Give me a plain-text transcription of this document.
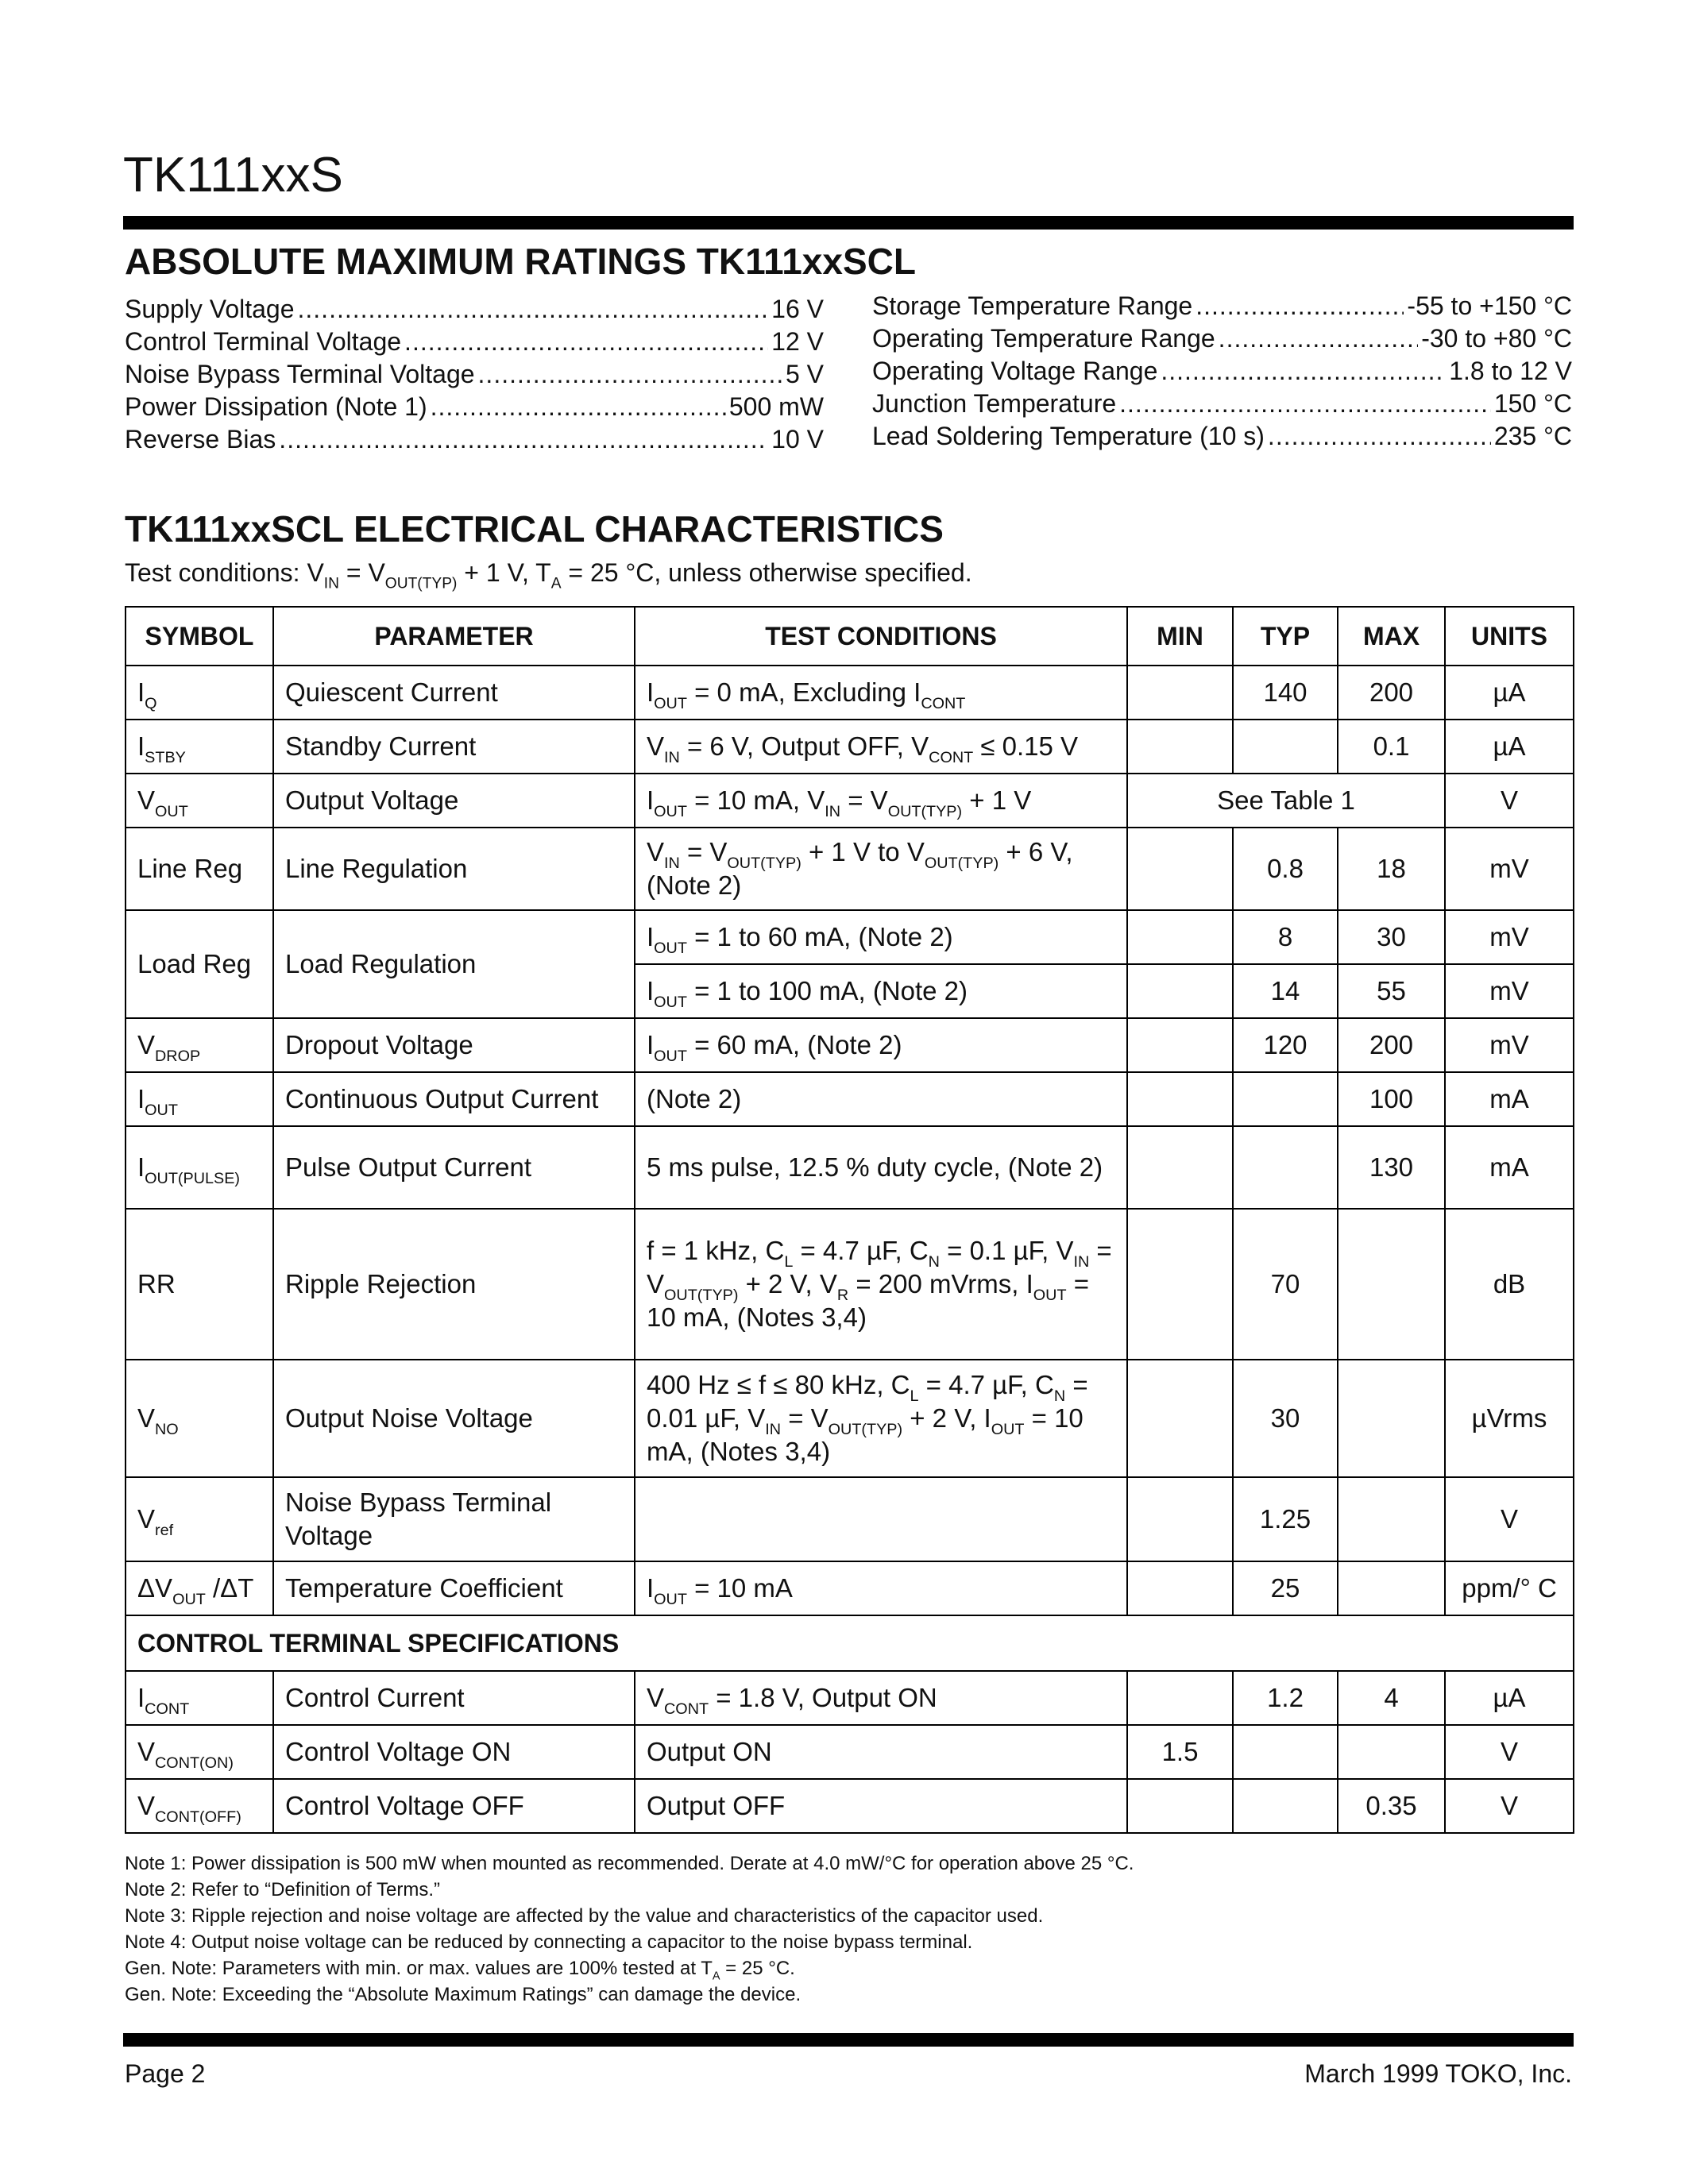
TK111xxS
ABSOLUTE MAXIMUM RATINGS TK111xxSCL
Supply Voltage .....	16 V
Control Terminal Voltage .....	12 V
Noise Bypass Terminal Voltage .....	5 V
Power Dissipation (Note 1) .....	500 mW
Reverse Bias .....	10 V
Storage Temperature Range .....	-55 to +150 °C
Operating Temperature Range .....	-30 to +80 °C
Operating Voltage Range .....	1.8 to 12 V
Junction Temperature .....	150 °C
Lead Soldering Temperature (10 s) .....	235 °C
TK111xxSCL ELECTRICAL CHARACTERISTICS
Test conditions: $V_{IN} = V_{OUT(TYP)} + 1$ V, $T_A = 25$ °C, unless otherwise specified.
SYMBOL	PARAMETER	TEST CONDITIONS	MIN	TYP	MAX	UNITS
$I_Q$	Quiescent Current	$I_{OUT} = 0$ mA, Excluding $I_{CONT}$		140	200	µA
$I_{STBY}$	Standby Current	$V_{IN} = 6$ V, Output OFF, $V_{CONT} \le 0.15$ V			0.1	µA
$V_{OUT}$	Output Voltage	$I_{OUT} = 10$ mA, $V_{IN} = V_{OUT(TYP)} + 1$ V	See Table 1			V
Line Reg	Line Regulation	$V_{IN} = V_{OUT(TYP)} + 1$ V to $V_{OUT(TYP)} + 6$ V, (Note 2)		0.8	18	mV
Load Reg	Load Regulation	$I_{OUT} = 1$ to 60 mA, (Note 2)		8	30	mV
		$I_{OUT} = 1$ to 100 mA, (Note 2)		14	55	mV
$V_{DROP}$	Dropout Voltage	$I_{OUT} = 60$ mA, (Note 2)		120	200	mV
$I_{OUT}$	Continuous Output Current	(Note 2)			100	mA
$I_{OUT(PULSE)}$	Pulse Output Current	5 ms pulse, 12.5 % duty cycle, (Note 2)			130	mA
RR	Ripple Rejection	f = 1 kHz, $C_L = 4.7$ µF, $C_N = 0.1$ µF, $V_{IN} = V_{OUT(TYP)} + 2$ V, $V_R = 200$ mVrms, $I_{OUT} = 10$ mA, (Notes 3,4)		70		dB
$V_{NO}$	Output Noise Voltage	400 Hz ≤ f ≤ 80 kHz, $C_L = 4.7$ µF, $C_N = 0.01$ µF, $V_{IN} = V_{OUT(TYP)} + 2$ V, $I_{OUT} = 10$ mA, (Notes 3,4)		30		µVrms
$V_{ref}$	Noise Bypass Terminal Voltage			1.25		V
$\Delta V_{OUT}$ /ΔT	Temperature Coefficient	$I_{OUT} = 10$ mA		25		ppm/° C
CONTROL TERMINAL SPECIFICATIONS						
$I_{CONT}$	Control Current	$V_{CONT} = 1.8$ V, Output ON		1.2	4	µA
$V_{CONT(ON)}$	Control Voltage ON	Output ON	1.5			V
$V_{CONT(OFF)}$	Control Voltage OFF	Output OFF			0.35	V
Note 1: Power dissipation is 500 mW when mounted as recommended. Derate at 4.0 mW/°C for operation above 25 °C.
Note 2: Refer to “Definition of Terms.”
Note 3: Ripple rejection and noise voltage are affected by the value and characteristics of the capacitor used.
Note 4: Output noise voltage can be reduced by connecting a capacitor to the noise bypass terminal.
Gen. Note: Parameters with min. or max. values are 100% tested at $T_A = 25$ °C.
Gen. Note: Exceeding the “Absolute Maximum Ratings” can damage the device.
Page 2	March 1999 TOKO, Inc.
